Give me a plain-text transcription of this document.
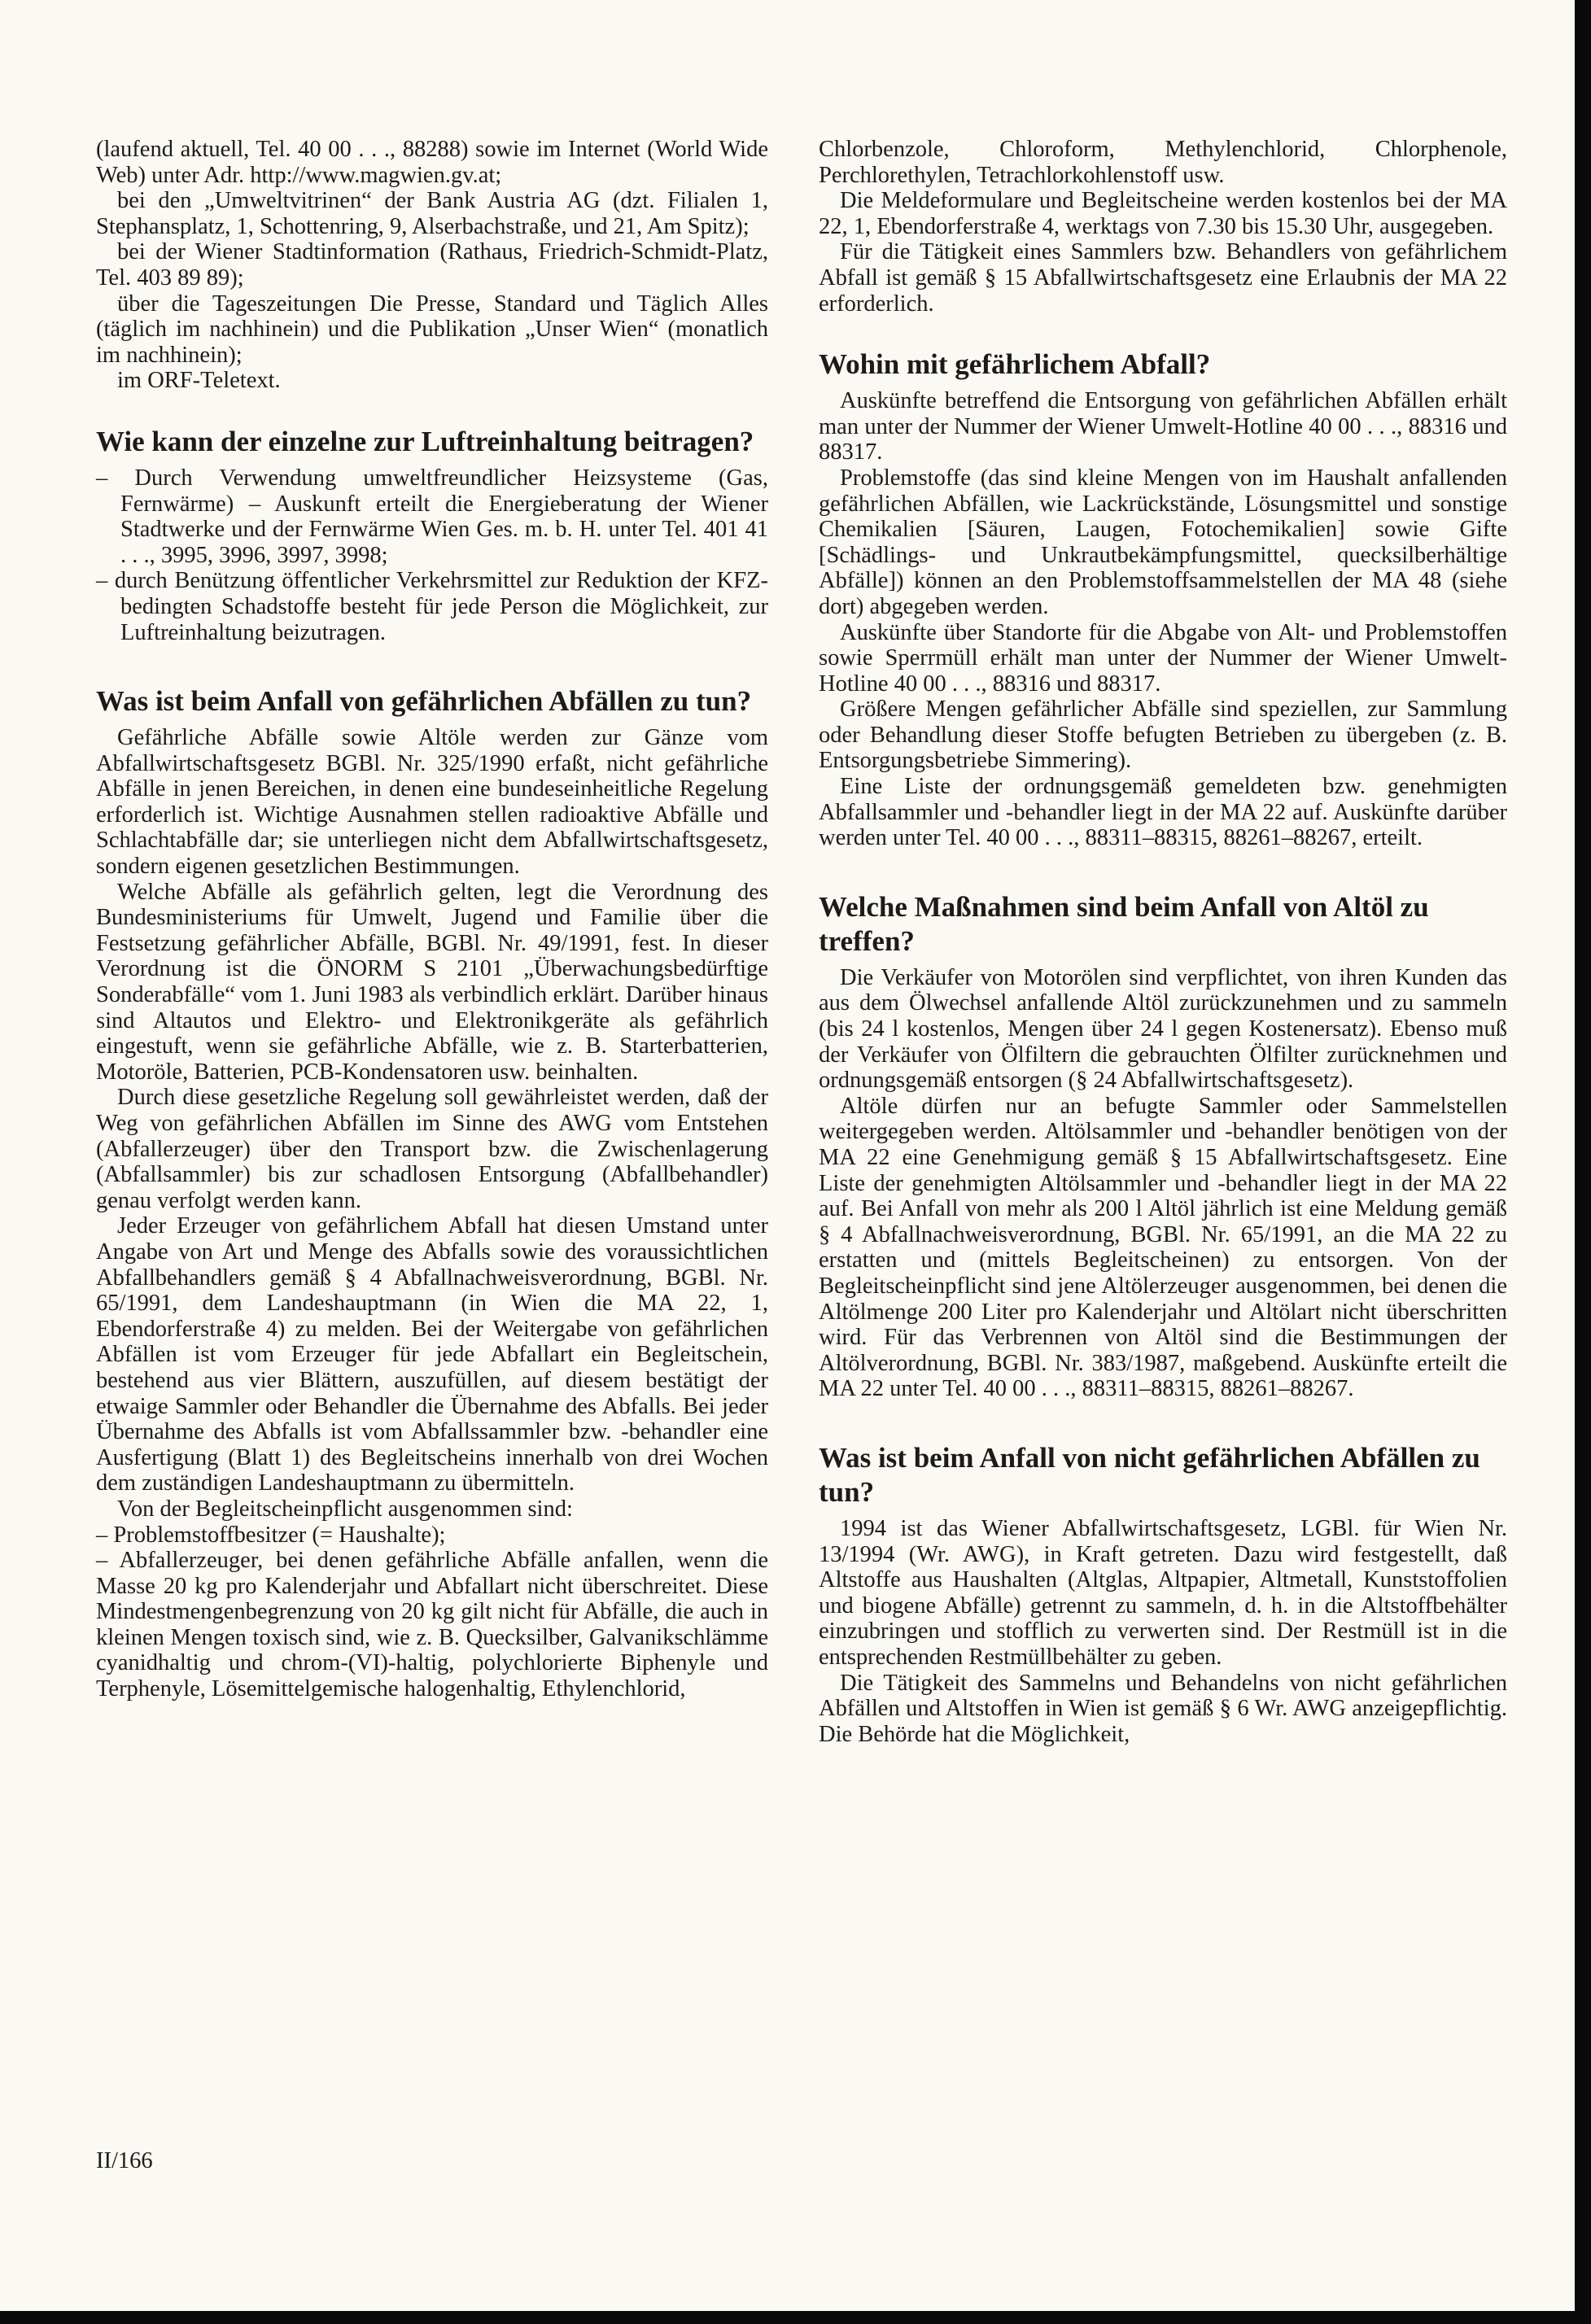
(laufend aktuell, Tel. 40 00 . . ., 88288) sowie im Internet (World Wide Web) unter Adr. http://www.magwien.gv.at;

bei den „Umweltvitrinen“ der Bank Austria AG (dzt. Filialen 1, Stephansplatz, 1, Schottenring, 9, Alserbachstraße, und 21, Am Spitz);

bei der Wiener Stadtinformation (Rathaus, Friedrich-Schmidt-Platz, Tel. 403 89 89);

über die Tageszeitungen Die Presse, Standard und Täglich Alles (täglich im nachhinein) und die Publikation „Unser Wien“ (monatlich im nachhinein);

im ORF-Teletext.

Wie kann der einzelne zur Luftreinhaltung beitragen?

– Durch Verwendung umweltfreundlicher Heizsysteme (Gas, Fernwärme) – Auskunft erteilt die Energieberatung der Wiener Stadtwerke und der Fernwärme Wien Ges. m. b. H. unter Tel. 401 41 . . ., 3995, 3996, 3997, 3998;

– durch Benützung öffentlicher Verkehrsmittel zur Reduktion der KFZ-bedingten Schadstoffe besteht für jede Person die Möglichkeit, zur Luftreinhaltung beizutragen.

Was ist beim Anfall von gefährlichen Abfällen zu tun?

Gefährliche Abfälle sowie Altöle werden zur Gänze vom Abfallwirtschaftsgesetz BGBl. Nr. 325/1990 erfaßt, nicht gefährliche Abfälle in jenen Bereichen, in denen eine bundeseinheitliche Regelung erforderlich ist. Wichtige Ausnahmen stellen radioaktive Abfälle und Schlachtabfälle dar; sie unterliegen nicht dem Abfallwirtschaftsgesetz, sondern eigenen gesetzlichen Bestimmungen.

Welche Abfälle als gefährlich gelten, legt die Verordnung des Bundesministeriums für Umwelt, Jugend und Familie über die Festsetzung gefährlicher Abfälle, BGBl. Nr. 49/1991, fest. In dieser Verordnung ist die ÖNORM S 2101 „Überwachungsbedürftige Sonderabfälle“ vom 1. Juni 1983 als verbindlich erklärt. Darüber hinaus sind Altautos und Elektro- und Elektronikgeräte als gefährlich eingestuft, wenn sie gefährliche Abfälle, wie z. B. Starterbatterien, Motoröle, Batterien, PCB-Kondensatoren usw. beinhalten.

Durch diese gesetzliche Regelung soll gewährleistet werden, daß der Weg von gefährlichen Abfällen im Sinne des AWG vom Entstehen (Abfallerzeuger) über den Transport bzw. die Zwischenlagerung (Abfallsammler) bis zur schadlosen Entsorgung (Abfallbehandler) genau verfolgt werden kann.

Jeder Erzeuger von gefährlichem Abfall hat diesen Umstand unter Angabe von Art und Menge des Abfalls sowie des voraussichtlichen Abfallbehandlers gemäß § 4 Abfallnachweisverordnung, BGBl. Nr. 65/1991, dem Landeshauptmann (in Wien die MA 22, 1, Ebendorferstraße 4) zu melden. Bei der Weitergabe von gefährlichen Abfällen ist vom Erzeuger für jede Abfallart ein Begleitschein, bestehend aus vier Blättern, auszufüllen, auf diesem bestätigt der etwaige Sammler oder Behandler die Übernahme des Abfalls. Bei jeder Übernahme des Abfalls ist vom Abfallssammler bzw. -behandler eine Ausfertigung (Blatt 1) des Begleitscheins innerhalb von drei Wochen dem zuständigen Landeshauptmann zu übermitteln.

Von der Begleitscheinpflicht ausgenommen sind:

– Problemstoffbesitzer (= Haushalte);

– Abfallerzeuger, bei denen gefährliche Abfälle anfallen, wenn die Masse 20 kg pro Kalenderjahr und Abfallart nicht überschreitet. Diese Mindestmengenbegrenzung von 20 kg gilt nicht für Abfälle, die auch in kleinen Mengen toxisch sind, wie z. B. Quecksilber, Galvanikschlämme cyanidhaltig und chrom-(VI)-haltig, polychlorierte Biphenyle und Terphenyle, Lösemittelgemische halogenhaltig, Ethylenchlorid,

Chlorbenzole, Chloroform, Methylenchlorid, Chlorphenole, Perchlorethylen, Tetrachlorkohlenstoff usw.

Die Meldeformulare und Begleitscheine werden kostenlos bei der MA 22, 1, Ebendorferstraße 4, werktags von 7.30 bis 15.30 Uhr, ausgegeben.

Für die Tätigkeit eines Sammlers bzw. Behandlers von gefährlichem Abfall ist gemäß § 15 Abfallwirtschaftsgesetz eine Erlaubnis der MA 22 erforderlich.

Wohin mit gefährlichem Abfall?

Auskünfte betreffend die Entsorgung von gefährlichen Abfällen erhält man unter der Nummer der Wiener Umwelt-Hotline 40 00 . . ., 88316 und 88317.

Problemstoffe (das sind kleine Mengen von im Haushalt anfallenden gefährlichen Abfällen, wie Lackrückstände, Lösungsmittel und sonstige Chemikalien [Säuren, Laugen, Fotochemikalien] sowie Gifte [Schädlings- und Unkrautbekämpfungsmittel, quecksilberhältige Abfälle]) können an den Problemstoffsammelstellen der MA 48 (siehe dort) abgegeben werden.

Auskünfte über Standorte für die Abgabe von Alt- und Problemstoffen sowie Sperrmüll erhält man unter der Nummer der Wiener Umwelt-Hotline 40 00 . . ., 88316 und 88317.

Größere Mengen gefährlicher Abfälle sind speziellen, zur Sammlung oder Behandlung dieser Stoffe befugten Betrieben zu übergeben (z. B. Entsorgungsbetriebe Simmering).

Eine Liste der ordnungsgemäß gemeldeten bzw. genehmigten Abfallsammler und -behandler liegt in der MA 22 auf. Auskünfte darüber werden unter Tel. 40 00 . . ., 88311–88315, 88261–88267, erteilt.

Welche Maßnahmen sind beim Anfall von Altöl zu treffen?

Die Verkäufer von Motorölen sind verpflichtet, von ihren Kunden das aus dem Ölwechsel anfallende Altöl zurückzunehmen und zu sammeln (bis 24 l kostenlos, Mengen über 24 l gegen Kostenersatz). Ebenso muß der Verkäufer von Ölfiltern die gebrauchten Ölfilter zurücknehmen und ordnungsgemäß entsorgen (§ 24 Abfallwirtschaftsgesetz).

Altöle dürfen nur an befugte Sammler oder Sammelstellen weitergegeben werden. Altölsammler und -behandler benötigen von der MA 22 eine Genehmigung gemäß § 15 Abfallwirtschaftsgesetz. Eine Liste der genehmigten Altölsammler und -behandler liegt in der MA 22 auf. Bei Anfall von mehr als 200 l Altöl jährlich ist eine Meldung gemäß § 4 Abfallnachweisverordnung, BGBl. Nr. 65/1991, an die MA 22 zu erstatten und (mittels Begleitscheinen) zu entsorgen. Von der Begleitscheinpflicht sind jene Altölerzeuger ausgenommen, bei denen die Altölmenge 200 Liter pro Kalenderjahr und Altölart nicht überschritten wird. Für das Verbrennen von Altöl sind die Bestimmungen der Altölverordnung, BGBl. Nr. 383/1987, maßgebend. Auskünfte erteilt die MA 22 unter Tel. 40 00 . . ., 88311–88315, 88261–88267.

Was ist beim Anfall von nicht gefährlichen Abfällen zu tun?

1994 ist das Wiener Abfallwirtschaftsgesetz, LGBl. für Wien Nr. 13/1994 (Wr. AWG), in Kraft getreten. Dazu wird festgestellt, daß Altstoffe aus Haushalten (Altglas, Altpapier, Altmetall, Kunststoffolien und biogene Abfälle) getrennt zu sammeln, d. h. in die Altstoffbehälter einzubringen und stofflich zu verwerten sind. Der Restmüll ist in die entsprechenden Restmüllbehälter zu geben.

Die Tätigkeit des Sammelns und Behandelns von nicht gefährlichen Abfällen und Altstoffen in Wien ist gemäß § 6 Wr. AWG anzeigepflichtig. Die Behörde hat die Möglichkeit,

II/166
